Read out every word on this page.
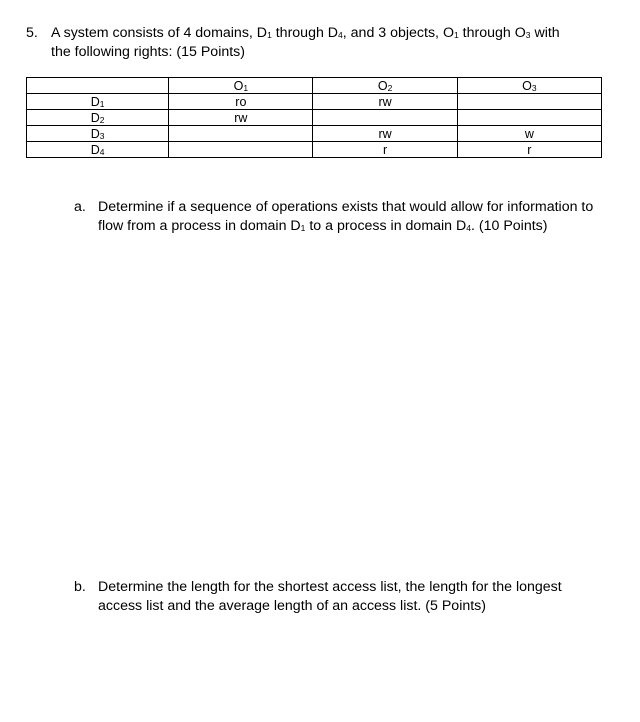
5. A system consists of 4 domains, $D_1$ through $D_4$, and 3 objects, $O_1$ through $O_3$ with
the following rights: (15 Points)
	$O_1$	$O_2$	$O_3$
$D_1$	ro	rw	
$D_2$	rw		
$D_3$		rw	w
$D_4$		r	r
a. Determine if a sequence of operations exists that would allow for information to flow from a process in domain $D_1$ to a process in domain $D_4$. (10 Points)
b. Determine the length for the shortest access list, the length for the longest access list and the average length of an access list. (5 Points)
